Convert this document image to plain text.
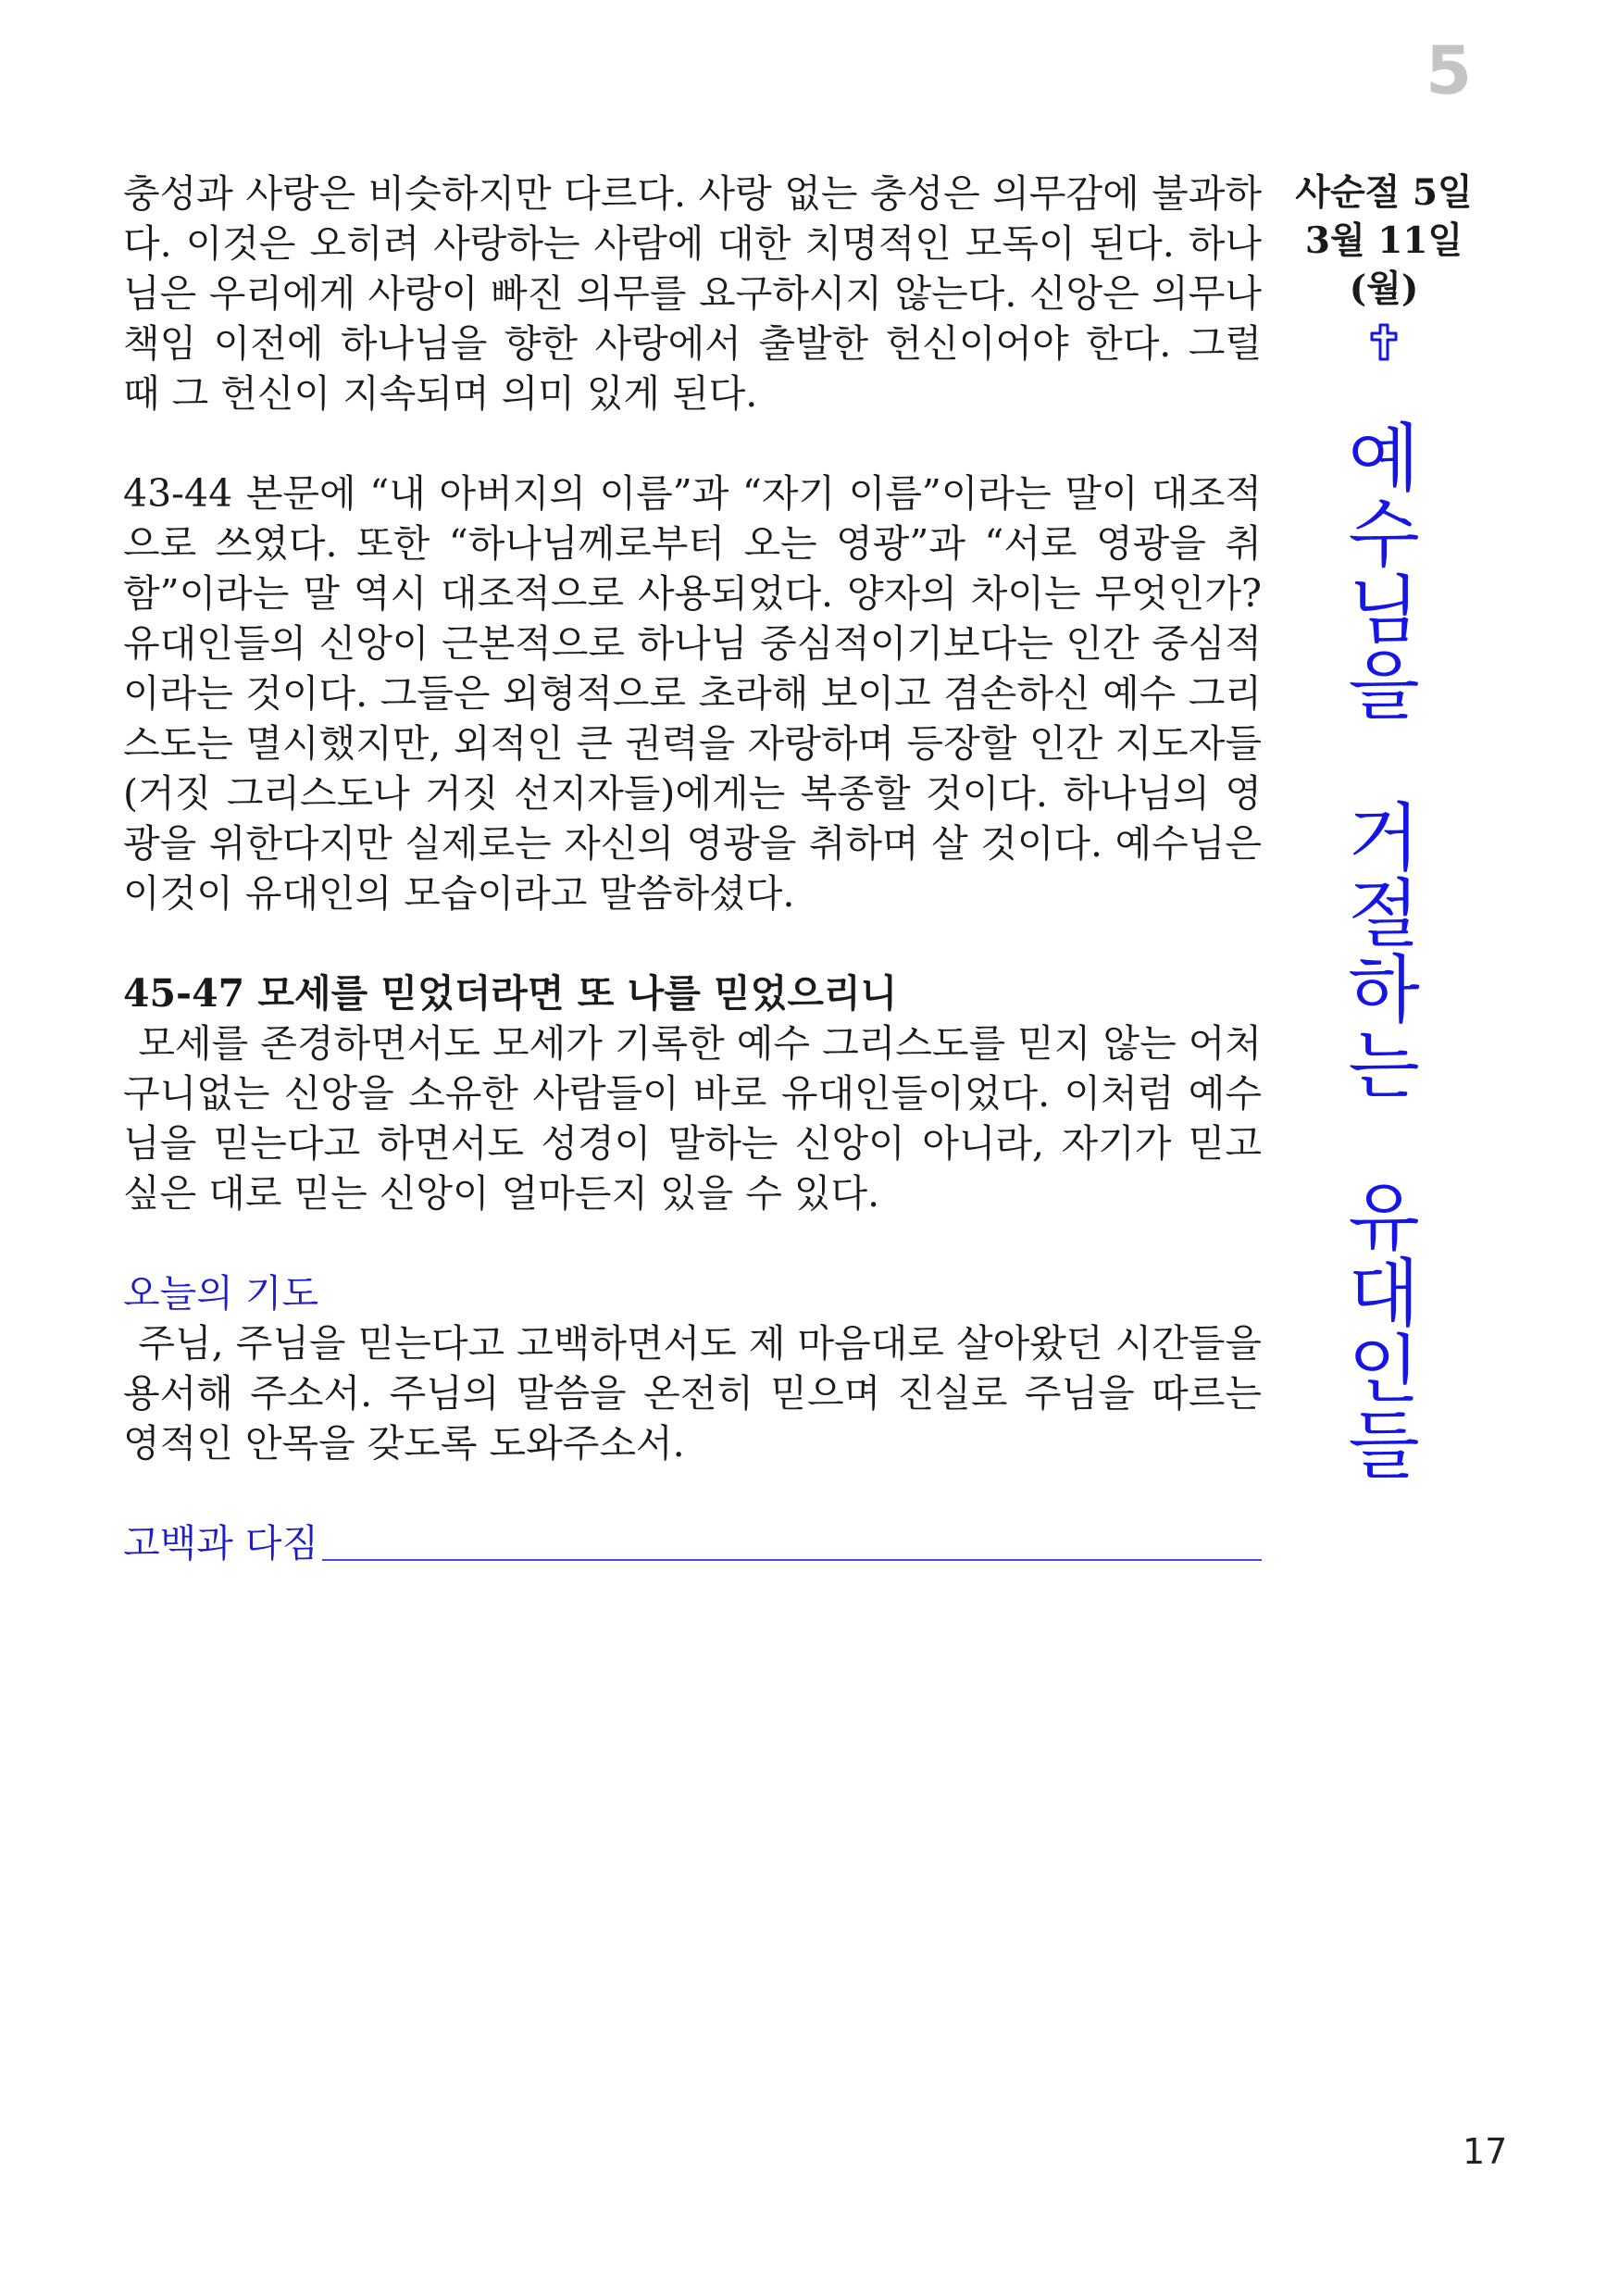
5

충성과 사랑은 비슷하지만 다르다. 사랑 없는 충성은 의무감에 불과하다. 이것은 오히려 사랑하는 사람에 대한 치명적인 모독이 된다. 하나님은 우리에게 사랑이 빠진 의무를 요구하시지 않는다. 신앙은 의무나 책임 이전에 하나님을 향한 사랑에서 출발한 헌신이어야 한다. 그럴 때 그 헌신이 지속되며 의미 있게 된다.

43-44 본문에 “내 아버지의 이름”과 “자기 이름”이라는 말이 대조적으로 쓰였다. 또한 “하나님께로부터 오는 영광”과 “서로 영광을 취함”이라는 말 역시 대조적으로 사용되었다. 양자의 차이는 무엇인가? 유대인들의 신앙이 근본적으로 하나님 중심적이기보다는 인간 중심적이라는 것이다. 그들은 외형적으로 초라해 보이고 겸손하신 예수 그리스도는 멸시했지만, 외적인 큰 권력을 자랑하며 등장할 인간 지도자들(거짓 그리스도나 거짓 선지자들)에게는 복종할 것이다. 하나님의 영광을 위한다지만 실제로는 자신의 영광을 취하며 살 것이다. 예수님은 이것이 유대인의 모습이라고 말씀하셨다.

45-47 모세를 믿었더라면 또 나를 믿었으리니

모세를 존경하면서도 모세가 기록한 예수 그리스도를 믿지 않는 어처구니없는 신앙을 소유한 사람들이 바로 유대인들이었다. 이처럼 예수님을 믿는다고 하면서도 성경이 말하는 신앙이 아니라, 자기가 믿고 싶은 대로 믿는 신앙이 얼마든지 있을 수 있다.

오늘의 기도

주님, 주님을 믿는다고 고백하면서도 제 마음대로 살아왔던 시간들을 용서해 주소서. 주님의 말씀을 온전히 믿으며 진실로 주님을 따르는 영적인 안목을 갖도록 도와주소서.

고백과 다짐
사순절 5일
3월 11일(월)
예
수
님
을
거
절
하
는
유
대
인
들
17
